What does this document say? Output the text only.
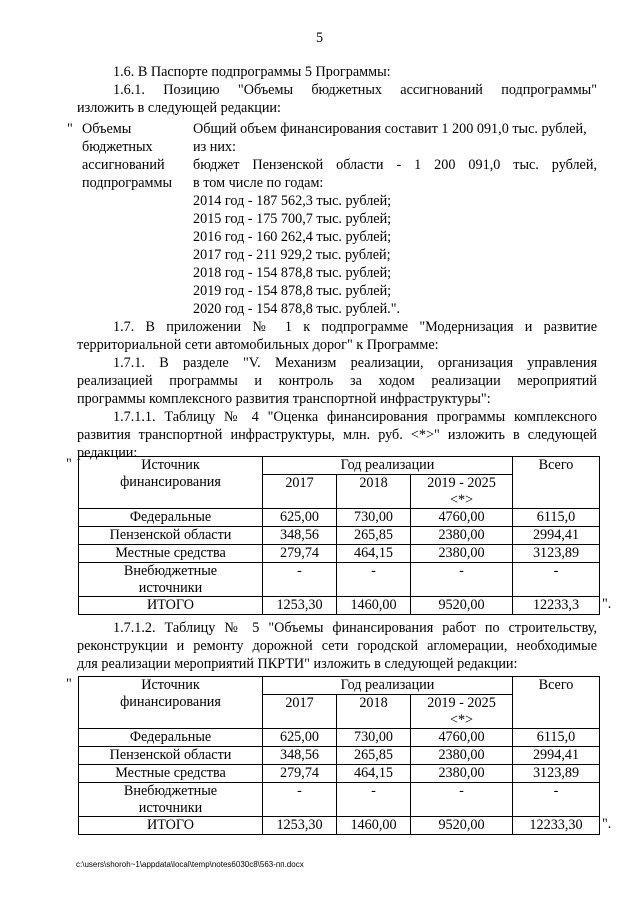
5
1.6. В Паспорте подпрограммы 5 Программы:
1.6.1. Позицию "Объемы бюджетных ассигнований подпрограммы"
изложить в следующей редакции:
" Объемы
бюджетных
ассигнований
подпрограммы
Общий объем финансирования составит 1 200 091,0 тыс. рублей,
из них:
бюджет Пензенской области - 1 200 091,0 тыс. рублей,
в том числе по годам:
2014 год - 187 562,3 тыс. рублей;
2015 год - 175 700,7 тыс. рублей;
2016 год - 160 262,4 тыс. рублей;
2017 год - 211 929,2 тыс. рублей;
2018 год - 154 878,8 тыс. рублей;
2019 год - 154 878,8 тыс. рублей;
2020 год - 154 878,8 тыс. рублей.".
1.7. В приложении № 1 к подпрограмме "Модернизация и развитие
территориальной сети автомобильных дорог" к Программе:
1.7.1. В разделе "V. Механизм реализации, организация управления
реализацией программы и контроль за ходом реализации мероприятий
программы комплексного развития транспортной инфраструктуры":
1.7.1.1. Таблицу № 4 "Оценка финансирования программы комплексного
развития транспортной инфраструктуры, млн. руб. <*>" изложить в следующей
редакции:
"	Источник
финансирования	Год реализации			Всего
	2017	2018	2019 - 2025
<*>	

Федеральные	625,00	730,00	4760,00	6115,0
Пензенской области	348,56	265,85	2380,00	2994,41
Местные средства	279,74	464,15	2380,00	3123,89

Внебюджетные
источники	-	-	-	-
ИТОГО	1253,30	1460,00	9520,00	12233,3 ".
1.7.1.2. Таблицу № 5 "Объемы финансирования работ по строительству,
реконструкции и ремонту дорожной сети городской агломерации, необходимые
для реализации мероприятий ПКРТИ" изложить в следующей редакции:
"	Источник
финансирования	Год реализации			Всего
	2017	2018	2019 - 2025
<*>	

Федеральные	625,00	730,00	4760,00	6115,0
Пензенской области	348,56	265,85	2380,00	2994,41
Местные средства	279,74	464,15	2380,00	3123,89

Внебюджетные
источники	-	-	-	-
ИТОГО	1253,30	1460,00	9520,00	12233,30 ".
c:\users\shoroh~1\appdata\local\temp\notes6030c8\563-пп.docx
